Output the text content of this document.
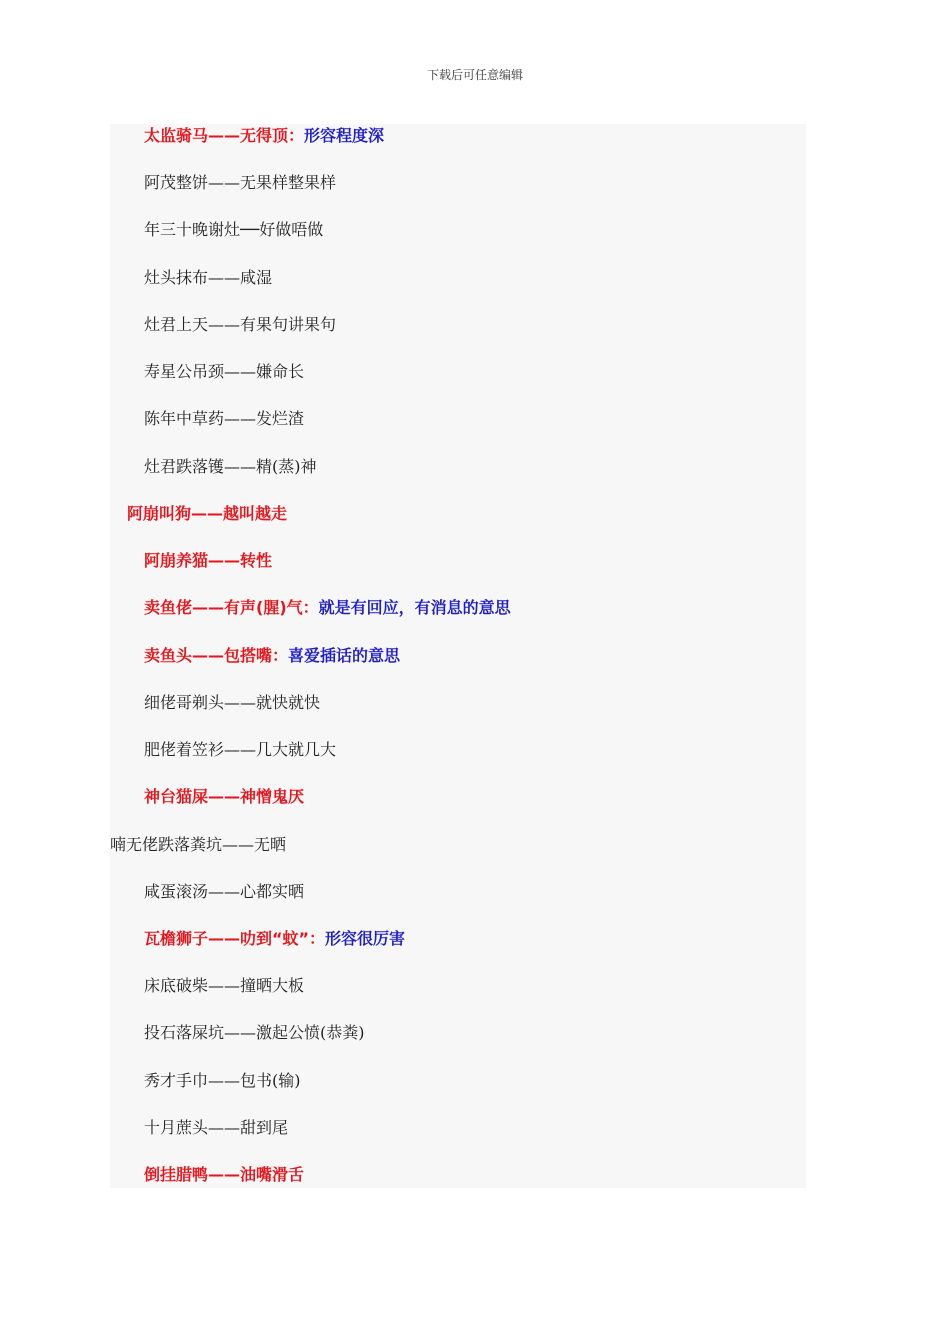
下载后可任意编辑
太监骑马——无得顶：形容程度深
阿茂整饼——无果样整果样
年三十晚谢灶──好做唔做
灶头抹布——咸湿
灶君上天——有果句讲果句
寿星公吊颈——嫌命长
陈年中草药——发烂渣
灶君跌落镬——精(蒸)神
阿崩叫狗——越叫越走
阿崩养猫——转性
卖鱼佬——有声(腥)气：就是有回应，有消息的意思
卖鱼头——包搭嘴：喜爱插话的意思
细佬哥剃头——就快就快
肥佬着笠衫——几大就几大
神台猫屎——神憎鬼厌
喃无佬跌落粪坑——无晒
咸蛋滚汤——心都实晒
瓦檐狮子——叻到“蚊”：形容很厉害
床底破柴——撞晒大板
投石落屎坑——激起公愤(恭粪)
秀才手巾——包书(输)
十月蔗头——甜到尾
倒挂腊鸭——油嘴滑舌
